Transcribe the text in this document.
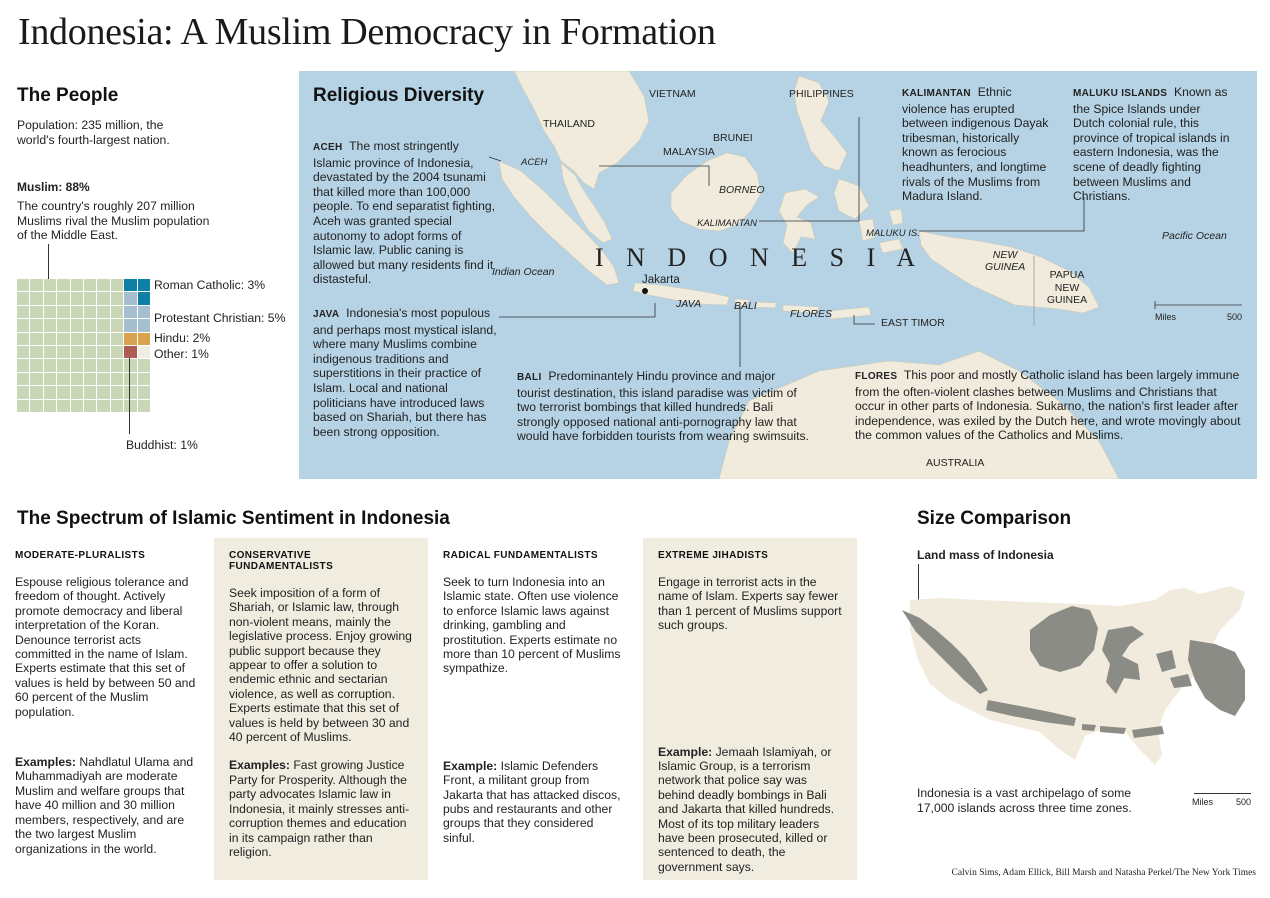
Indonesia: A Muslim Democracy in Formation
The People
Population: 235 million, the world's fourth-largest nation.
Muslim: 88%
The country's roughly 207 million Muslims rival the Muslim population of the Middle East.
Roman Catholic: 3%
Protestant Christian: 5%
Hindu: 2%
Other: 1%
Buddhist: 1%
Religious Diversity	VIETNAM	PHILIPPINES
THAILAND
BRUNEI
MALAYSIA
ACEH
BORNEO
KALIMANTAN
MALUKU IS.
NEW GUINEA
PAPUA NEW GUINEA
Pacific Ocean
Indian Ocean I N D O N E S I A
Jakarta
JAVA	BALI
FLORES
EAST TIMOR
AUSTRALIA
Miles	500
ACEH The most stringently Islamic province of Indonesia, devastated by the 2004 tsunami that killed more than 100,000 people. To end separatist fighting, Aceh was granted special autonomy to adopt forms of Islamic law. Public caning is allowed but many residents find it distasteful.
JAVA Indonesia's most populous and perhaps most mystical island, where many Muslims combine indigenous traditions and superstitions in their practice of Islam. Local and national politicians have introduced laws based on Shariah, but there has been strong opposition.
BALI Predominantely Hindu province and major tourist destination, this island paradise was victim of two terrorist bombings that killed hundreds. Bali strongly opposed national anti-pornography law that would have forbidden tourists from wearing swimsuits.
KALIMANTAN Ethnic violence has erupted between indigenous Dayak tribesman, historically known as ferocious headhunters, and longtime rivals of the Muslims from Madura Island.
MALUKU ISLANDS Known as the Spice Islands under Dutch colonial rule, this province of tropical islands in eastern Indonesia, was the scene of deadly fighting between Muslims and Christians.
FLORES This poor and mostly Catholic island has been largely immune from the often-violent clashes between Muslims and Christians that occur in other parts of Indonesia. Sukarno, the nation's first leader after independence, was exiled by the Dutch here, and wrote movingly about the common values of the Catholics and Muslims.
The Spectrum of Islamic Sentiment in Indonesia
MODERATE-PLURALISTS
Espouse religious tolerance and freedom of thought. Actively promote democracy and liberal interpretation of the Koran. Denounce terrorist acts committed in the name of Islam. Experts estimate that this set of values is held by between 50 and 60 percent of the Muslim population.
Examples: Nahdlatul Ulama and Muhammadiyah are moderate Muslim and welfare groups that have 40 million and 30 million members, respectively, and are the two largest Muslim organizations in the world.
CONSERVATIVE FUNDAMENTALISTS
Seek imposition of a form of Shariah, or Islamic law, through non-violent means, mainly the legislative process. Enjoy growing public support because they appear to offer a solution to endemic ethnic and sectarian violence, as well as corruption. Experts estimate that this set of values is held by between 30 and 40 percent of Muslims.
Examples: Fast growing Justice Party for Prosperity. Although the party advocates Islamic law in Indonesia, it mainly stresses anti-corruption themes and education in its campaign rather than religion.
RADICAL FUNDAMENTALISTS
Seek to turn Indonesia into an Islamic state. Often use violence to enforce Islamic laws against drinking, gambling and prostitution. Experts estimate no more than 10 percent of Muslims sympathize.
Example: Islamic Defenders Front, a militant group from Jakarta that has attacked discos, pubs and restaurants and other groups that they considered sinful.
EXTREME JIHADISTS
Engage in terrorist acts in the name of Islam. Experts say fewer than 1 percent of Muslims support such groups.
Example: Jemaah Islamiyah, or Islamic Group, is a terrorism network that police say was behind deadly bombings in Bali and Jakarta that killed hundreds. Most of its top military leaders have been prosecuted, killed or sentenced to death, the government says.
Size Comparison
Land mass of Indonesia
Indonesia is a vast archipelago of some 17,000 islands across three time zones.	Miles	500
Calvin Sims, Adam Ellick, Bill Marsh and Natasha Perkel/The New York Times
